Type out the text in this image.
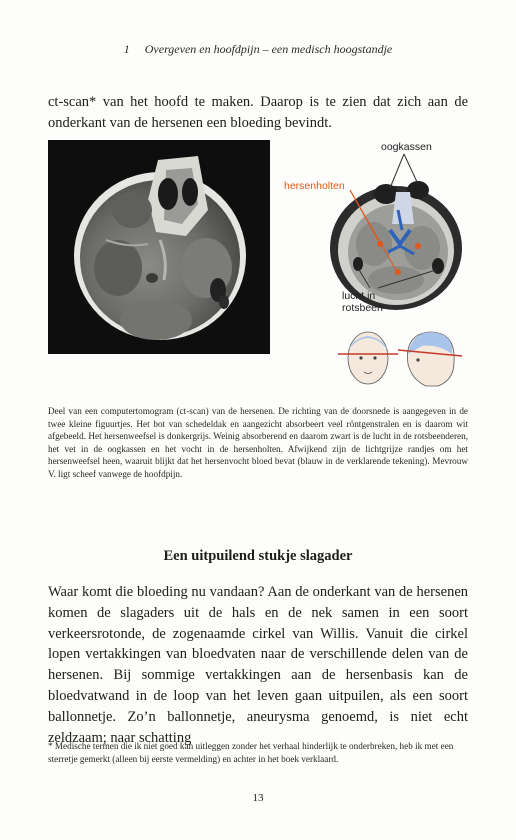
1 Overgeven en hoofdpijn – een medisch hoogstandje

ct-scan* van het hoofd te maken. Daarop is te zien dat zich aan de onderkant van de hersenen een bloeding bevindt.

oogkassen
hersenholten
lucht in rotsbeen

Deel van een computertomogram (ct-scan) van de hersenen. De richting van de doorsnede is aangegeven in de twee kleine figuurtjes. Het bot van schedeldak en aangezicht absorbeert veel röntgenstralen en is daarom wit afgebeeld. Het hersenweefsel is donkergrijs. Weinig absorberend en daarom zwart is de lucht in de rotsbeenderen, het vet in de oogkassen en het vocht in de hersenholten. Afwijkend zijn de lichtgrijze randjes om het hersenweefsel heen, waaruit blijkt dat het hersenvocht bloed bevat (blauw in de verklarende tekening). Mevrouw V. ligt scheef vanwege de hoofdpijn.

Een uitpuilend stukje slagader

Waar komt die bloeding nu vandaan? Aan de onderkant van de hersenen komen de slagaders uit de hals en de nek samen in een soort verkeersrotonde, de zogenaamde cirkel van Willis. Vanuit die cirkel lopen vertakkingen van bloedvaten naar de verschillende delen van de hersenen. Bij sommige vertakkingen aan de hersenbasis kan de bloedvatwand in de loop van het leven gaan uitpuilen, als een soort ballonnetje. Zo’n ballonnetje, aneurysma genoemd, is niet echt zeldzaam; naar schatting

* Medische termen die ik niet goed kan uitleggen zonder het verhaal hinderlijk te onderbreken, heb ik met een sterretje gemerkt (alleen bij eerste vermelding) en achter in het boek verklaard.

13
